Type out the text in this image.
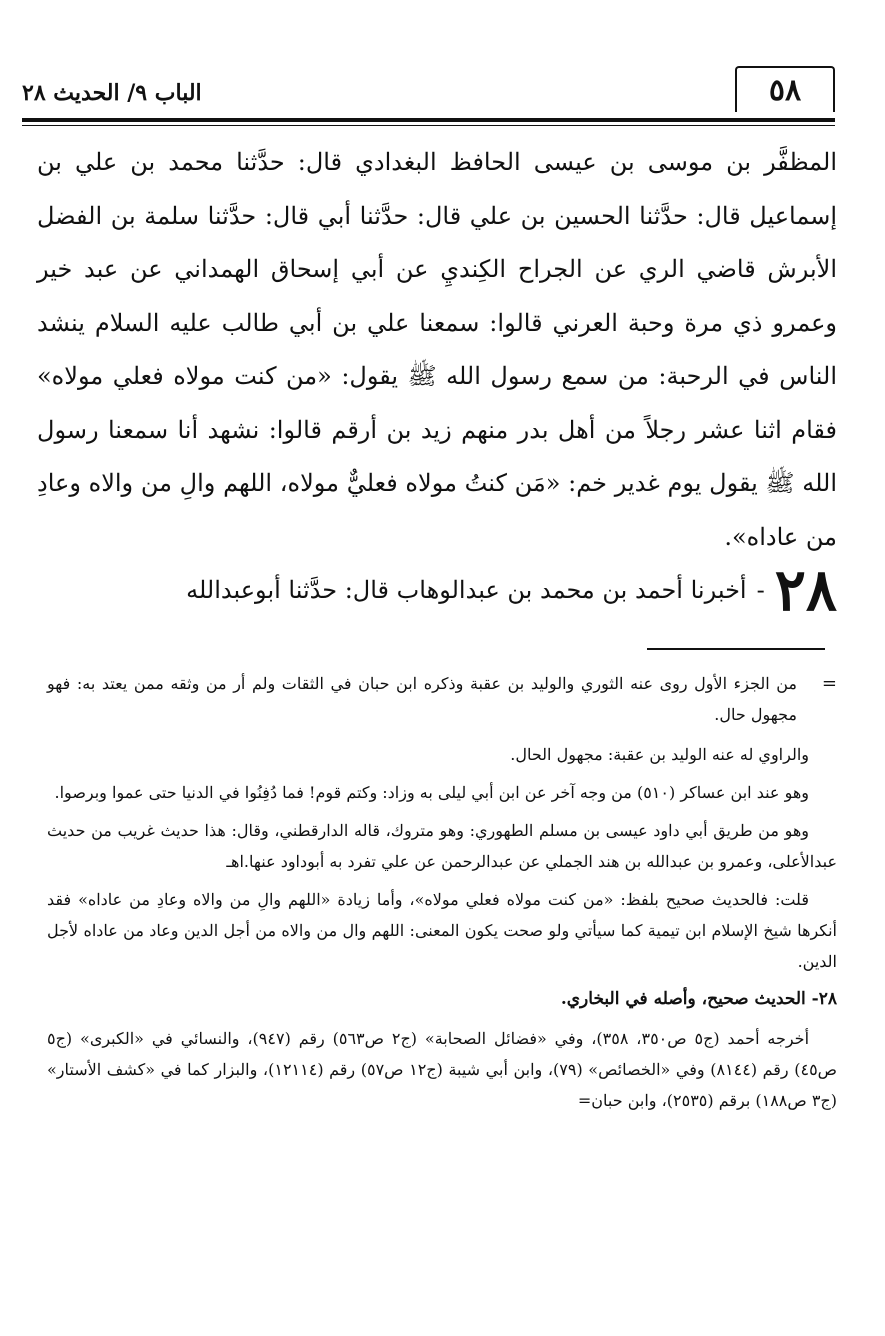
٥٨
الباب ٩/ الحديث ٢٨

المظفَّر بن موسى بن عيسى الحافظ البغدادي قال: حدَّثنا محمد بن علي بن إسماعيل قال: حدَّثنا الحسين بن علي قال: حدَّثنا أبي قال: حدَّثنا سلمة بن الفضل الأبرش قاضي الري عن الجراح الكِنديِ عن أبي إسحاق الهمداني عن عبد خير وعمرو ذي مرة وحبة العرني قالوا: سمعنا علي بن أبي طالب عليه السلام ينشد الناس في الرحبة: من سمع رسول الله ﷺ يقول: «من كنت مولاه فعلي مولاه» فقام اثنا عشر رجلاً من أهل بدر منهم زيد بن أرقم قالوا: نشهد أنا سمعنا رسول الله ﷺ يقول يوم غدير خم: «مَن كنتُ مولاه فعليٌّ مولاه، اللهم والِ من والاه وعادِ من عاداه».

٢٨
-
أخبرنا أحمد بن محمد بن عبدالوهاب قال: حدَّثنا أبوعبدالله

=
من الجزء الأول روى عنه الثوري والوليد بن عقبة وذكره ابن حبان في الثقات ولم أر من وثقه ممن يعتد به: فهو مجهول حال.

والراوي له عنه الوليد بن عقبة: مجهول الحال.

وهو عند ابن عساكر (٥١٠) من وجه آخر عن ابن أبي ليلى به وزاد: وكتم قوم! فما دُفِنُوا في الدنيا حتى عموا وبرصوا.

وهو من طريق أبي داود عيسى بن مسلم الطهوري: وهو متروك، قاله الدارقطني، وقال: هذا حديث غريب من حديث عبدالأعلى، وعمرو بن عبدالله بن هند الجملي عن عبدالرحمن عن علي تفرد به أبوداود عنها.اهـ

قلت: فالحديث صحيح بلفظ: «من كنت مولاه فعلي مولاه»، وأما زيادة «اللهم والِ من والاه وعادِ من عاداه» فقد أنكرها شيخ الإسلام ابن تيمية كما سيأتي ولو صحت يكون المعنى: اللهم وال من والاه من أجل الدين وعاد من عاداه لأجل الدين.

٢٨- الحديث صحيح، وأصله في البخاري.

أخرجه أحمد (ج٥ ص٣٥٠، ٣٥٨)، وفي «فضائل الصحابة» (ج٢ ص٥٦٣) رقم (٩٤٧)، والنسائي في «الكبرى» (ج٥ ص٤٥) رقم (٨١٤٤) وفي «الخصائص» (٧٩)، وابن أبي شيبة (ج١٢ ص٥٧) رقم (١٢١١٤)، والبزار كما في «كشف الأستار» (ج٣ ص١٨٨) برقم (٢٥٣٥)، وابن حبان=
